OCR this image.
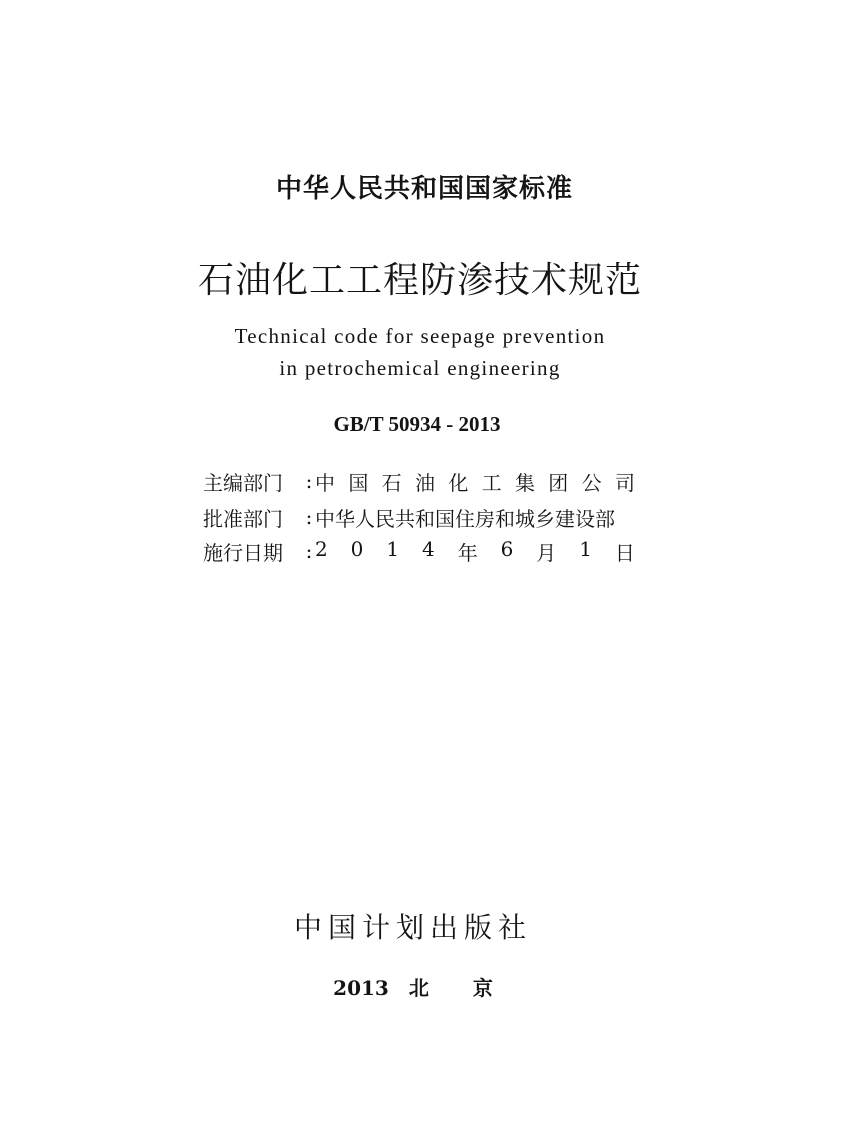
中华人民共和国国家标准
石油化工工程防渗技术规范
Technical code for seepage prevention
in petrochemical engineering
GB/T 50934 - 2013
主编部门	: 中 国 石 油 化 工 集 团 公 司
批准部门	: 中华人民共和国住房和城乡建设部
施行日期	: 2 0 1 4 年 6 月 1 日
中国计划出版社
2013 北 京
